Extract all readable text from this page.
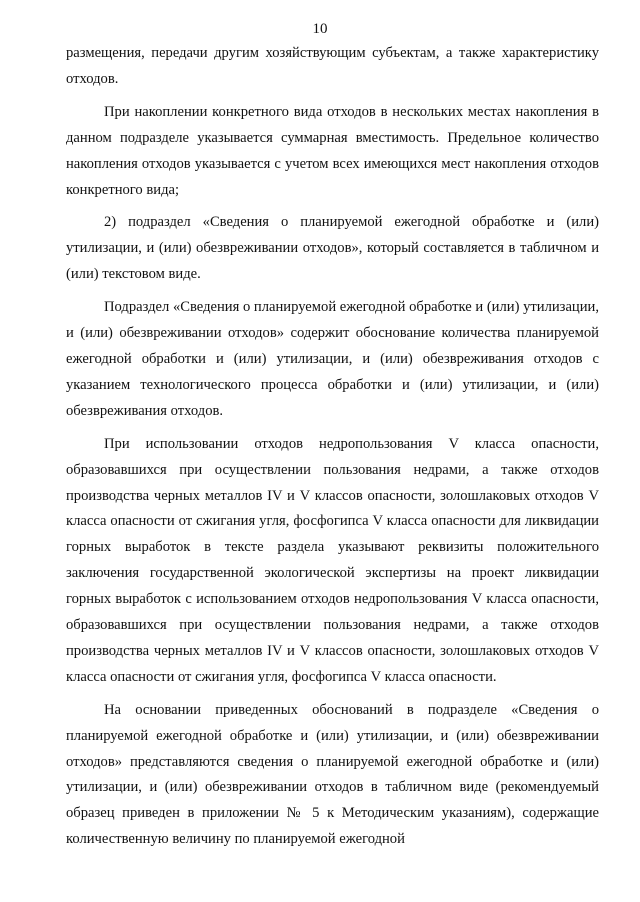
10

размещения, передачи другим хозяйствующим субъектам, а также характеристику отходов.

При накоплении конкретного вида отходов в нескольких местах накопления в данном подразделе указывается суммарная вместимость. Предельное количество накопления отходов указывается с учетом всех имеющихся мест накопления отходов конкретного вида;

2) подраздел «Сведения о планируемой ежегодной обработке и (или) утилизации, и (или) обезвреживании отходов», который составляется в табличном и (или) текстовом виде.

Подраздел «Сведения о планируемой ежегодной обработке и (или) утилизации, и (или) обезвреживании отходов» содержит обоснование количества планируемой ежегодной обработки и (или) утилизации, и (или) обезвреживания отходов с указанием технологического процесса обработки и (или) утилизации, и (или) обезвреживания отходов.

При использовании отходов недропользования V класса опасности, образовавшихся при осуществлении пользования недрами, а также отходов производства черных металлов IV и V классов опасности, золошлаковых отходов V класса опасности от сжигания угля, фосфогипса V класса опасности для ликвидации горных выработок в тексте раздела указывают реквизиты положительного заключения государственной экологической экспертизы на проект ликвидации горных выработок с использованием отходов недропользования V класса опасности, образовавшихся при осуществлении пользования недрами, а также отходов производства черных металлов IV и V классов опасности, золошлаковых отходов V класса опасности от сжигания угля, фосфогипса V класса опасности.

На основании приведенных обоснований в подразделе «Сведения о планируемой ежегодной обработке и (или) утилизации, и (или) обезвреживании отходов» представляются сведения о планируемой ежегодной обработке и (или) утилизации, и (или) обезвреживании отходов в табличном виде (рекомендуемый образец приведен в приложении № 5 к Методическим указаниям), содержащие количественную величину по планируемой ежегодной
